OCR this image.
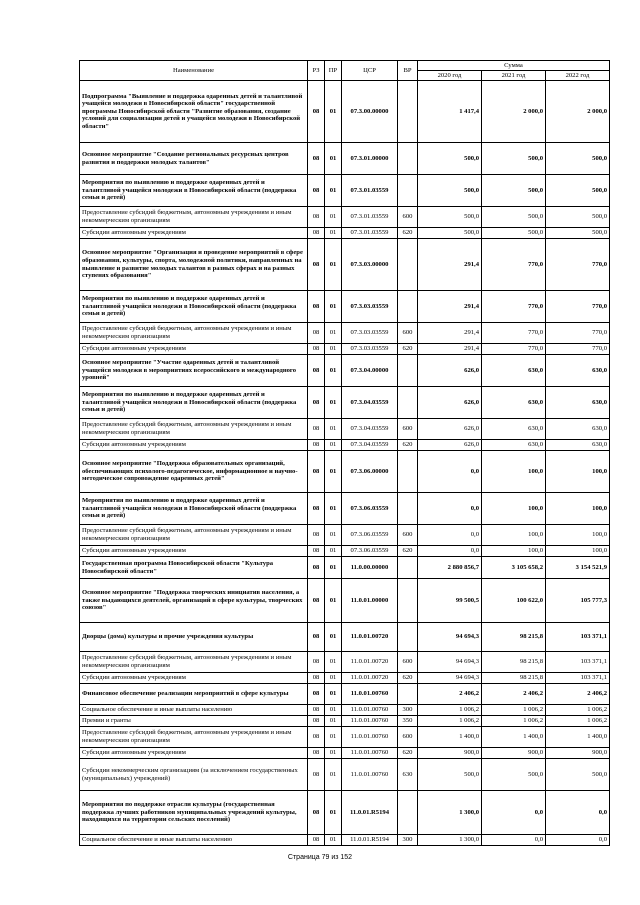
Наименование	РЗ	ПР	ЦСР	ВР	Сумма		
					2020 год	2021 год	2022 год
Подпрограмма "Выявление и поддержка одаренных детей и талантливой учащейся молодежи в Новосибирской области" государственной программы Новосибирской области "Развитие образования, создание условий для социализации детей и учащейся молодежи в Новосибирской области"	08	01	07.3.00.00000		1 417,4	2 000,0	2 000,0
Основное мероприятие "Создание региональных ресурсных центров развития и поддержки молодых талантов"	08	01	07.3.01.00000		500,0	500,0	500,0
Мероприятия по выявлению и поддержке одаренных детей и талантливой учащейся молодежи в Новосибирской области (поддержка семьи и детей)	08	01	07.3.01.03559		500,0	500,0	500,0
Предоставление субсидий бюджетным, автономным учреждениям и иным некоммерческим организациям	08	01	07.3.01.03559	600	500,0	500,0	500,0
Субсидии автономным учреждениям	08	01	07.3.01.03559	620	500,0	500,0	500,0
Основное мероприятие "Организация и проведение мероприятий в сфере образования, культуры, спорта, молодежной политики, направленных на выявление и развитие молодых талантов в разных сферах и на разных ступенях образования"	08	01	07.3.03.00000		291,4	770,0	770,0
Мероприятия по выявлению и поддержке одаренных детей и талантливой учащейся молодежи в Новосибирской области (поддержка семьи и детей)	08	01	07.3.03.03559		291,4	770,0	770,0
Предоставление субсидий бюджетным, автономным учреждениям и иным некоммерческим организациям	08	01	07.3.03.03559	600	291,4	770,0	770,0
Субсидии автономным учреждениям	08	01	07.3.03.03559	620	291,4	770,0	770,0
Основное мероприятие "Участие одаренных детей и талантливой учащейся молодежи в мероприятиях всероссийского и международного уровней"	08	01	07.3.04.00000		626,0	630,0	630,0
Мероприятия по выявлению и поддержке одаренных детей и талантливой учащейся молодежи в Новосибирской области (поддержка семьи и детей)	08	01	07.3.04.03559		626,0	630,0	630,0
Предоставление субсидий бюджетным, автономным учреждениям и иным некоммерческим организациям	08	01	07.3.04.03559	600	626,0	630,0	630,0
Субсидии автономным учреждениям	08	01	07.3.04.03559	620	626,0	630,0	630,0
Основное мероприятие "Поддержка образовательных организаций, обеспечивающих психолого-педагогическое, информационное и научно-методическое сопровождение одаренных детей"	08	01	07.3.06.00000		0,0	100,0	100,0
Мероприятия по выявлению и поддержке одаренных детей и талантливой учащейся молодежи в Новосибирской области (поддержка семьи и детей)	08	01	07.3.06.03559		0,0	100,0	100,0
Предоставление субсидий бюджетным, автономным учреждениям и иным некоммерческим организациям	08	01	07.3.06.03559	600	0,0	100,0	100,0
Субсидии автономным учреждениям	08	01	07.3.06.03559	620	0,0	100,0	100,0
Государственная программа Новосибирской области "Культура Новосибирской области"	08	01	11.0.00.00000		2 880 856,7	3 105 658,2	3 154 521,9
Основное мероприятие "Поддержка творческих инициатив населения, а также выдающихся деятелей, организаций в сфере культуры, творческих союзов"	08	01	11.0.01.00000		99 500,5	100 622,0	105 777,3
Дворцы (дома) культуры и прочие учреждения культуры	08	01	11.0.01.00720		94 694,3	98 215,8	103 371,1
Предоставление субсидий бюджетным, автономным учреждениям и иным некоммерческим организациям	08	01	11.0.01.00720	600	94 694,3	98 215,8	103 371,1
Субсидии автономным учреждениям	08	01	11.0.01.00720	620	94 694,3	98 215,8	103 371,1
Финансовое обеспечение реализации мероприятий в сфере культуры	08	01	11.0.01.00760		2 406,2	2 406,2	2 406,2
Социальное обеспечение и иные выплаты населению	08	01	11.0.01.00760	300	1 006,2	1 006,2	1 006,2
Премии и гранты	08	01	11.0.01.00760	350	1 006,2	1 006,2	1 006,2
Предоставление субсидий бюджетным, автономным учреждениям и иным некоммерческим организациям	08	01	11.0.01.00760	600	1 400,0	1 400,0	1 400,0
Субсидии автономным учреждениям	08	01	11.0.01.00760	620	900,0	900,0	900,0
Субсидии некоммерческим организациям (за исключением государственных (муниципальных) учреждений)	08	01	11.0.01.00760	630	500,0	500,0	500,0
Мероприятия по поддержке отрасли культуры (государственная поддержка лучших работников муниципальных учреждений культуры, находящихся на территории сельских поселений)	08	01	11.0.01.R5194		1 300,0	0,0	0,0
Социальное обеспечение и иные выплаты населению	08	01	11.0.01.R5194	300	1 300,0	0,0	0,0
Страница 79 из 152
